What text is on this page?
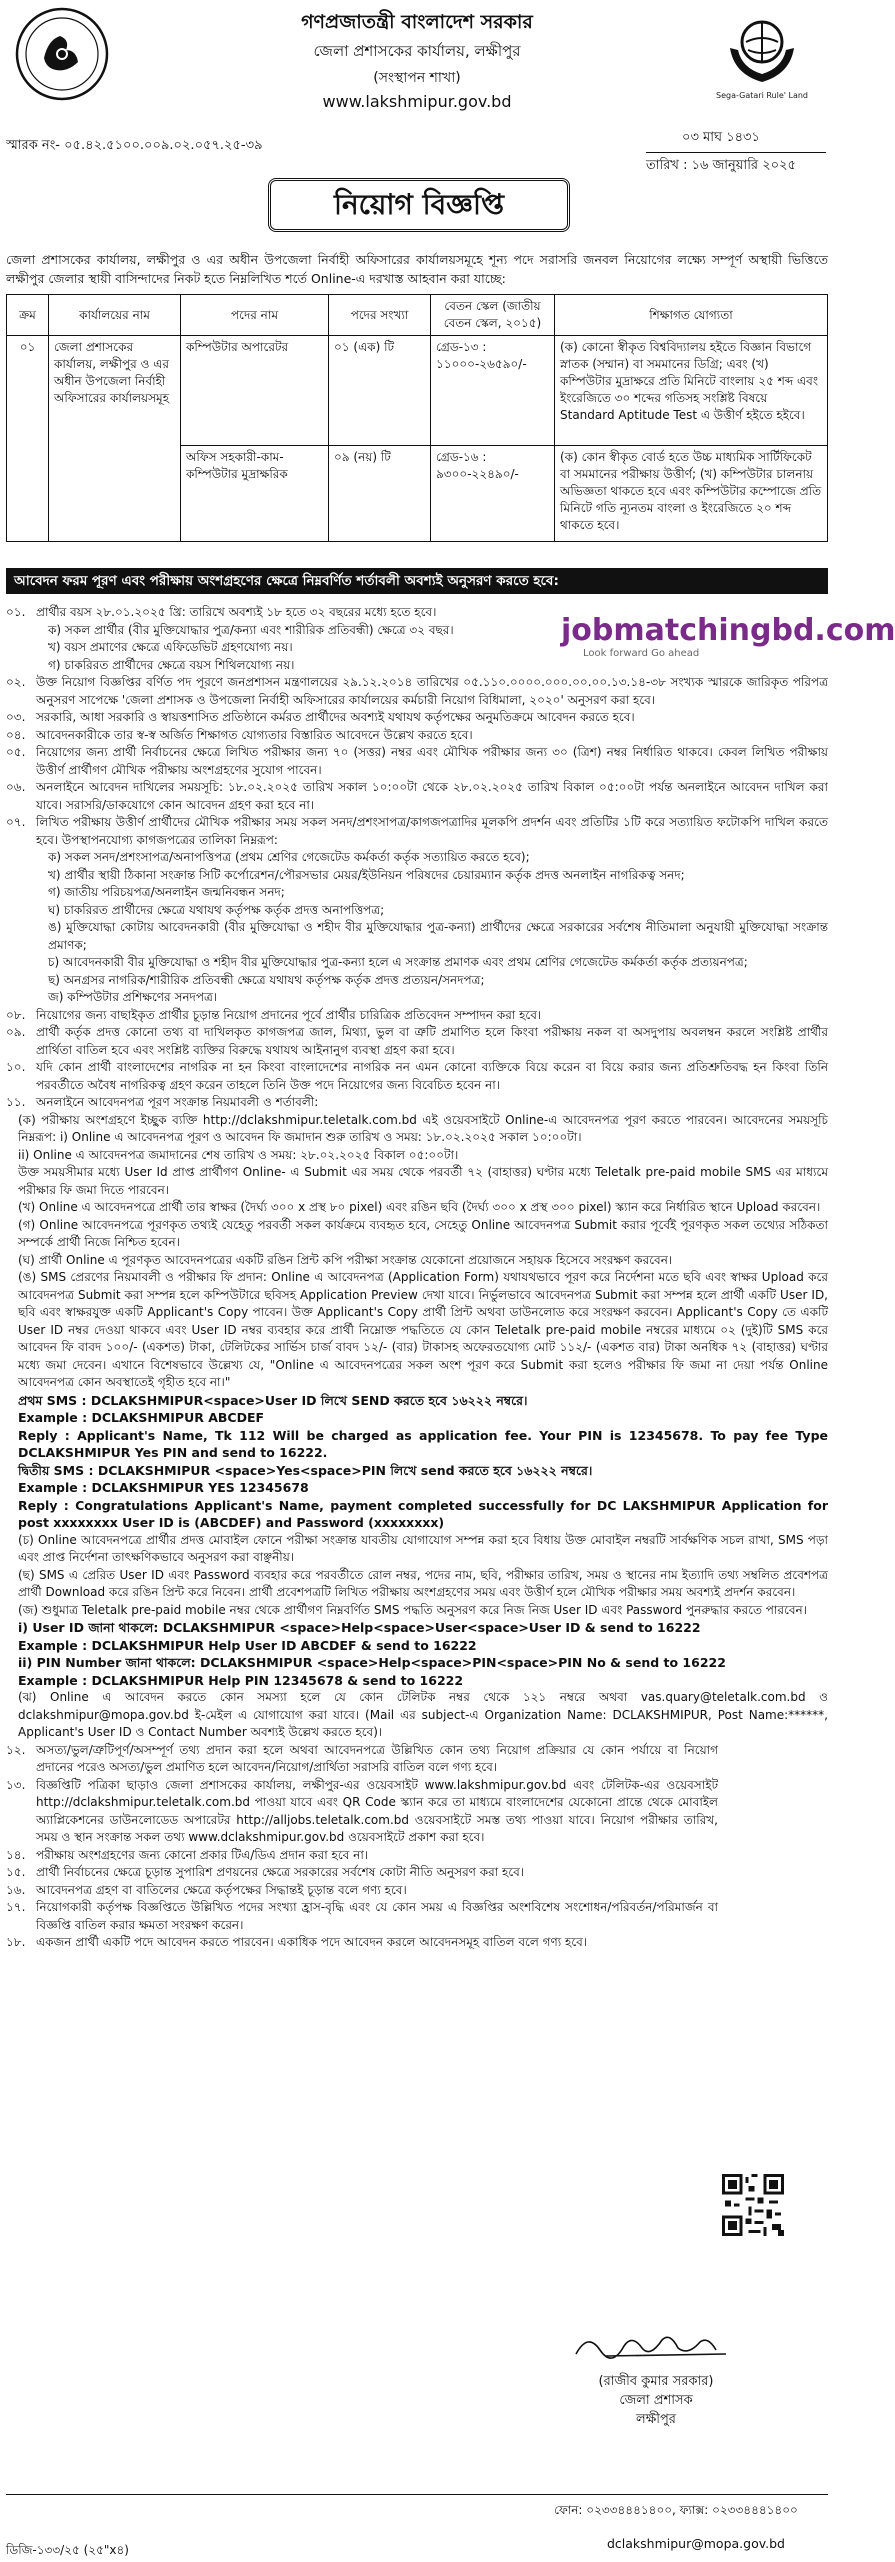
Sega-Gatari Rule' Land
গণপ্রজাতন্ত্রী বাংলাদেশ সরকার
জেলা প্রশাসকের কার্যালয়, লক্ষীপুর
(সংস্থাপন শাখা)
www.lakshmipur.gov.bd
স্মারক নং- ০৫.৪২.৫১০০.০০৯.০২.০৫৭.২৫-৩৯
০৩ মাঘ ১৪৩১
তারিখ : ১৬ জানুয়ারি ২০২৫
নিয়োগ বিজ্ঞপ্তি
জেলা প্রশাসকের কার্যালয়, লক্ষীপুর ও এর অধীন উপজেলা নির্বাহী অফিসারের কার্যালয়সমূহে শূন্য পদে সরাসরি জনবল নিয়োগের লক্ষ্যে সম্পূর্ণ অস্থায়ী ভিত্তিতে লক্ষীপুর জেলার স্থায়ী বাসিন্দাদের নিকট হতে নিম্নলিখিত শর্তে Online-এ দরখাস্ত আহবান করা যাচ্ছে:
ক্রম	কার্যালয়ের নাম	পদের নাম	পদের সংখ্যা	বেতন স্কেল (জাতীয় বেতন স্কেল, ২০১৫)	শিক্ষাগত যোগ্যতা
০১	জেলা প্রশাসকের কার্যালয়, লক্ষীপুর ও এর অধীন উপজেলা নির্বাহী অফিসারের কার্যালয়সমূহ	কম্পিউটার অপারেটর	০১ (এক) টি	গ্রেড-১৩ : ১১০০০-২৬৫৯০/-	(ক) কোনো স্বীকৃত বিশ্ববিদ্যালয় হইতে বিজ্ঞান বিভাগে স্নাতক (সম্মান) বা সমমানের ডিগ্রি; এবং (খ) কম্পিউটার মুদ্রাক্ষরে প্রতি মিনিটে বাংলায় ২৫ শব্দ এবং ইংরেজিতে ৩০ শব্দের গতিসহ সংশ্লিষ্ট বিষয়ে Standard Aptitude Test এ উত্তীর্ণ হইতে হইবে।
		অফিস সহকারী-কাম-কম্পিউটার মুদ্রাক্ষরিক	০৯ (নয়) টি	গ্রেড-১৬ : ৯৩০০-২২৪৯০/-	(ক) কোন স্বীকৃত বোর্ড হতে উচ্চ মাধ্যমিক সার্টিফিকেট বা সমমানের পরীক্ষায় উত্তীর্ণ; (খ) কম্পিউটার চালনায় অভিজ্ঞতা থাকতে হবে এবং কম্পিউটার কম্পোজে প্রতি মিনিটে গতি ন্যূনতম বাংলা ও ইংরেজিতে ২০ শব্দ থাকতে হবে।
আবেদন ফরম পূরণ এবং পরীক্ষায় অংশগ্রহণের ক্ষেত্রে নিম্নবর্ণিত শর্তাবলী অবশ্যই অনুসরণ করতে হবে:
jobmatchingbd.com
Look forward Go ahead
০১. প্রার্থীর বয়স ২৮.০১.২০২৫ খ্রি: তারিখে অবশ্যই ১৮ হতে ৩২ বছরের মধ্যে হতে হবে।
ক) সকল প্রার্থীর (বীর মুক্তিযোদ্ধার পুত্র/কন্যা এবং শারীরিক প্রতিবন্ধী) ক্ষেত্রে ৩২ বছর।
খ) বয়স প্রমাণের ক্ষেত্রে এফিডেভিট গ্রহণযোগ্য নয়।
গ) চাকরিরত প্রার্থীদের ক্ষেত্রে বয়স শিথিলযোগ্য নয়।
০২. উক্ত নিয়োগ বিজ্ঞপ্তির বর্ণিত পদ পূরণে জনপ্রশাসন মন্ত্রণালয়ের ২৯.১২.২০১৪ তারিখের ০৫.১১০.০০০০.০০০.০০.০০.১৩.১৪-৩৮ সংখ্যক স্মারকে জারিকৃত পরিপত্র অনুসরণ সাপেক্ষে 'জেলা প্রশাসক ও উপজেলা নির্বাহী অফিসারের কার্যালয়ের কর্মচারী নিয়োগ বিধিমালা, ২০২০' অনুসরণ করা হবে।
০৩. সরকারি, আধা সরকারি ও স্বায়ত্তশাসিত প্রতিষ্ঠানে কর্মরত প্রার্থীদের অবশ্যই যথাযথ কর্তৃপক্ষের অনুমতিক্রমে আবেদন করতে হবে।
০৪. আবেদনকারীকে তার স্ব-স্ব অর্জিত শিক্ষাগত যোগ্যতার বিস্তারিত আবেদনে উল্লেখ করতে হবে।
০৫. নিয়োগের জন্য প্রার্থী নির্বাচনের ক্ষেত্রে লিখিত পরীক্ষার জন্য ৭০ (সত্তর) নম্বর এবং মৌখিক পরীক্ষার জন্য ৩০ (ত্রিশ) নম্বর নির্ধারিত থাকবে। কেবল লিখিত পরীক্ষায় উত্তীর্ণ প্রার্থীগণ মৌখিক পরীক্ষায় অংশগ্রহণের সুযোগ পাবেন।
০৬. অনলাইনে আবেদন দাখিলের সময়সূচি: ১৮.০২.২০২৫ তারিখ সকাল ১০:০০টা থেকে ২৮.০২.২০২৫ তারিখ বিকাল ০৫:০০টা পর্যন্ত অনলাইনে আবেদন দাখিল করা যাবে। সরাসরি/ডাকযোগে কোন আবেদন গ্রহণ করা হবে না।
০৭. লিখিত পরীক্ষায় উত্তীর্ণ প্রার্থীদের মৌখিক পরীক্ষার সময় সকল সনদ/প্রশংসাপত্র/কাগজপত্রাদির মূলকপি প্রদর্শন এবং প্রতিটির ১টি করে সত্যায়িত ফটোকপি দাখিল করতে হবে। উপস্থাপনযোগ্য কাগজপত্রের তালিকা নিম্নরূপ:
ক) সকল সনদ/প্রশংসাপত্র/অনাপত্তিপত্র (প্রথম শ্রেণির গেজেটেড কর্মকর্তা কর্তৃক সত্যায়িত করতে হবে);
খ) প্রার্থীর স্থায়ী ঠিকানা সংক্রান্ত সিটি কর্পোরেশন/পৌরসভার মেয়র/ইউনিয়ন পরিষদের চেয়ারম্যান কর্তৃক প্রদত্ত অনলাইন নাগরিকত্ব সনদ;
গ) জাতীয় পরিচয়পত্র/অনলাইন জন্মনিবন্ধন সনদ;
ঘ) চাকরিরত প্রার্থীদের ক্ষেত্রে যথাযথ কর্তৃপক্ষ কর্তৃক প্রদত্ত অনাপত্তিপত্র;
ঙ) মুক্তিযোদ্ধা কোটায় আবেদনকারী (বীর মুক্তিযোদ্ধা ও শহীদ বীর মুক্তিযোদ্ধার পুত্র-কন্যা) প্রার্থীদের ক্ষেত্রে সরকারের সর্বশেষ নীতিমালা অনুযায়ী মুক্তিযোদ্ধা সংক্রান্ত প্রমাণক;
চ) আবেদনকারী বীর মুক্তিযোদ্ধা ও শহীদ বীর মুক্তিযোদ্ধার পুত্র-কন্যা হলে এ সংক্রান্ত প্রমাণক এবং প্রথম শ্রেণির গেজেটেড কর্মকর্তা কর্তৃক প্রত্যয়নপত্র;
ছ) অনগ্রসর নাগরিক/শারীরিক প্রতিবন্ধী ক্ষেত্রে যথাযথ কর্তৃপক্ষ কর্তৃক প্রদত্ত প্রত্যয়ন/সনদপত্র;
জ) কম্পিউটার প্রশিক্ষণের সনদপত্র।
০৮. নিয়োগের জন্য বাছাইকৃত প্রার্থীর চূড়ান্ত নিয়োগ প্রদানের পূর্বে প্রার্থীর চারিত্রিক প্রতিবেদন সম্পাদন করা হবে।
০৯. প্রার্থী কর্তৃক প্রদত্ত কোনো তথ্য বা দাখিলকৃত কাগজপত্র জাল, মিথ্যা, ভুল বা ত্রুটি প্রমাণিত হলে কিংবা পরীক্ষায় নকল বা অসদুপায় অবলম্বন করলে সংশ্লিষ্ট প্রার্থীর প্রার্থিতা বাতিল হবে এবং সংশ্লিষ্ট ব্যক্তির বিরুদ্ধে যথাযথ আইনানুগ ব্যবস্থা গ্রহণ করা হবে।
১০. যদি কোন প্রার্থী বাংলাদেশের নাগরিক না হন কিংবা বাংলাদেশের নাগরিক নন এমন কোনো ব্যক্তিকে বিয়ে করেন বা বিয়ে করার জন্য প্রতিশ্রুতিবদ্ধ হন কিংবা তিনি পরবর্তীতে অবৈধ নাগরিকত্ব গ্রহণ করেন তাহলে তিনি উক্ত পদে নিয়োগের জন্য বিবেচিত হবেন না।
১১. অনলাইনে আবেদনপত্র পূরণ সংক্রান্ত নিয়মাবলী ও শর্তাবলী:

(ক) পরীক্ষায় অংশগ্রহণে ইচ্ছুক ব্যক্তি http://dclakshmipur.teletalk.com.bd এই ওয়েবসাইটে Online-এ আবেদনপত্র পূরণ করতে পারবেন। আবেদনের সময়সূচি নিম্নরূপ: i) Online এ আবেদনপত্র পূরণ ও আবেদন ফি জমাদান শুরু তারিখ ও সময়: ১৮.০২.২০২৫ সকাল ১০:০০টা।

ii) Online এ আবেদনপত্র জমাদানের শেষ তারিখ ও সময়: ২৮.০২.২০২৫ বিকাল ০৫:০০টা।

উক্ত সময়সীমার মধ্যে User Id প্রাপ্ত প্রার্থীগণ Online- এ Submit এর সময় থেকে পরবর্তী ৭২ (বাহাত্তর) ঘণ্টার মধ্যে Teletalk pre-paid mobile SMS এর মাধ্যমে পরীক্ষার ফি জমা দিতে পারবেন।

(খ) Online এ আবেদনপত্রে প্রার্থী তার স্বাক্ষর (দৈর্ঘ্য ৩০০ x প্রস্থ ৮০ pixel) এবং রঙিন ছবি (দৈর্ঘ্য ৩০০ x প্রস্থ ৩০০ pixel) স্ক্যান করে নির্ধারিত স্থানে Upload করবেন।

(গ) Online আবেদনপত্রে পূরণকৃত তথ্যই যেহেতু পরবর্তী সকল কার্যক্রমে ব্যবহৃত হবে, সেহেতু Online আবেদনপত্র Submit করার পূর্বেই পূরণকৃত সকল তথ্যের সঠিকতা সম্পর্কে প্রার্থী নিজে নিশ্চিত হবেন।

(ঘ) প্রার্থী Online এ পূরণকৃত আবেদনপত্রের একটি রঙিন প্রিন্ট কপি পরীক্ষা সংক্রান্ত যেকোনো প্রয়োজনে সহায়ক হিসেবে সংরক্ষণ করবেন।

(ঙ) SMS প্রেরণের নিয়মাবলী ও পরীক্ষার ফি প্রদান: Online এ আবেদনপত্র (Application Form) যথাযথভাবে পূরণ করে নির্দেশনা মতে ছবি এবং স্বাক্ষর Upload করে আবেদনপত্র Submit করা সম্পন্ন হলে কম্পিউটারে ছবিসহ Application Preview দেখা যাবে। নির্ভুলভাবে আবেদনপত্র Submit করা সম্পন্ন হলে প্রার্থী একটি User ID, ছবি এবং স্বাক্ষরযুক্ত একটি Applicant's Copy পাবেন। উক্ত Applicant's Copy প্রার্থী প্রিন্ট অথবা ডাউনলোড করে সংরক্ষণ করবেন। Applicant's Copy তে একটি User ID নম্বর দেওয়া থাকবে এবং User ID নম্বর ব্যবহার করে প্রার্থী নিম্নোক্ত পদ্ধতিতে যে কোন Teletalk pre-paid mobile নম্বরের মাধ্যমে ০২ (দুই)টি SMS করে আবেদন ফি বাবদ ১০০/- (একশত) টাকা, টেলিটকের সার্ভিস চার্জ বাবদ ১২/- (বার) টাকাসহ অফেরতযোগ্য মোট ১১২/- (একশত বার) টাকা অনধিক ৭২ (বাহাত্তর) ঘণ্টার মধ্যে জমা দেবেন। এখানে বিশেষভাবে উল্লেখ্য যে, "Online এ আবেদনপত্রের সকল অংশ পূরণ করে Submit করা হলেও পরীক্ষার ফি জমা না দেয়া পর্যন্ত Online আবেদনপত্র কোন অবস্থাতেই গৃহীত হবে না।"

প্রথম SMS : DCLAKSHMIPUR<space>User ID লিখে SEND করতে হবে ১৬২২২ নম্বরে।

Example : DCLAKSHMIPUR ABCDEF

Reply : Applicant's Name, Tk 112 Will be charged as application fee. Your PIN is 12345678. To pay fee Type DCLAKSHMIPUR Yes PIN and send to 16222.

দ্বিতীয় SMS : DCLAKSHMIPUR <space>Yes<space>PIN লিখে send করতে হবে ১৬২২২ নম্বরে।

Example : DCLAKSHMIPUR YES 12345678

Reply : Congratulations Applicant's Name, payment completed successfully for DC LAKSHMIPUR Application for post xxxxxxxx User ID is (ABCDEF) and Password (xxxxxxxx)

(চ) Online আবেদনপত্রে প্রার্থীর প্রদত্ত মোবাইল ফোনে পরীক্ষা সংক্রান্ত যাবতীয় যোগাযোগ সম্পন্ন করা হবে বিধায় উক্ত মোবাইল নম্বরটি সার্বক্ষণিক সচল রাখা, SMS পড়া এবং প্রাপ্ত নির্দেশনা তাৎক্ষণিকভাবে অনুসরণ করা বাঞ্ছনীয়।

(ছ) SMS এ প্রেরিত User ID এবং Password ব্যবহার করে পরবর্তীতে রোল নম্বর, পদের নাম, ছবি, পরীক্ষার তারিখ, সময় ও স্থানের নাম ইত্যাদি তথ্য সম্বলিত প্রবেশপত্র প্রার্থী Download করে রঙিন প্রিন্ট করে নিবেন। প্রার্থী প্রবেশপত্রটি লিখিত পরীক্ষায় অংশগ্রহণের সময় এবং উত্তীর্ণ হলে মৌখিক পরীক্ষার সময় অবশ্যই প্রদর্শন করবেন।

(জ) শুধুমাত্র Teletalk pre-paid mobile নম্বর থেকে প্রার্থীগণ নিম্নবর্ণিত SMS পদ্ধতি অনুসরণ করে নিজ নিজ User ID এবং Password পুনরুদ্ধার করতে পারবেন।

i) User ID জানা থাকলে: DCLAKSHMIPUR <space>Help<space>User<space>User ID & send to 16222

Example : DCLAKSHMIPUR Help User ID ABCDEF & send to 16222

ii) PIN Number জানা থাকলে: DCLAKSHMIPUR <space>Help<space>PIN<space>PIN No & send to 16222

Example : DCLAKSHMIPUR Help PIN 12345678 & send to 16222

(ঝ) Online এ আবেদন করতে কোন সমস্যা হলে যে কোন টেলিটক নম্বর থেকে ১২১ নম্বরে অথবা vas.quary@teletalk.com.bd ও dclakshmipur@mopa.gov.bd ই-মেইল এ যোগাযোগ করা যাবে। (Mail এর subject-এ Organization Name: DCLAKSHMIPUR, Post Name:******, Applicant's User ID ও Contact Number অবশ্যই উল্লেখ করতে হবে)।

১২. অসত্য/ভুল/ত্রুটিপূর্ণ/অসম্পূর্ণ তথ্য প্রদান করা হলে অথবা আবেদনপত্রে উল্লিখিত কোন তথ্য নিয়োগ প্রক্রিয়ার যে কোন পর্যায়ে বা নিয়োগ প্রদানের পরেও অসত্য/ভুল প্রমাণিত হলে আবেদন/নিয়োগ/প্রার্থিতা সরাসরি বাতিল বলে গণ্য হবে।
১৩. বিজ্ঞপ্তিটি পত্রিকা ছাড়াও জেলা প্রশাসকের কার্যালয়, লক্ষীপুর-এর ওয়েবসাইট www.lakshmipur.gov.bd এবং টেলিটক-এর ওয়েবসাইট http://dclakshmipur.teletalk.com.bd পাওয়া যাবে এবং QR Code স্ক্যান করে তা মাধ্যমে বাংলাদেশের যেকোনো প্রান্তে থেকে মোবাইল অ্যাপ্লিকেশনের ডাউনলোডেড অপারেটর http://alljobs.teletalk.com.bd ওয়েবসাইটে সমস্ত তথ্য পাওয়া যাবে। নিয়োগ পরীক্ষার তারিখ, সময় ও স্থান সংক্রান্ত সকল তথ্য www.dclakshmipur.gov.bd ওয়েবসাইটে প্রকাশ করা হবে।
১৪. পরীক্ষায় অংশগ্রহণের জন্য কোনো প্রকার টিএ/ডিএ প্রদান করা হবে না।
১৫. প্রার্থী নির্বাচনের ক্ষেত্রে চূড়ান্ত সুপারিশ প্রণয়নের ক্ষেত্রে সরকারের সর্বশেষ কোটা নীতি অনুসরণ করা হবে।
১৬. আবেদনপত্র গ্রহণ বা বাতিলের ক্ষেত্রে কর্তৃপক্ষের সিদ্ধান্তই চূড়ান্ত বলে গণ্য হবে।
১৭. নিয়োগকারী কর্তৃপক্ষ বিজ্ঞপ্তিতে উল্লিখিত পদের সংখ্যা হ্রাস-বৃদ্ধি এবং যে কোন সময় এ বিজ্ঞপ্তির অংশবিশেষ সংশোধন/পরিবর্তন/পরিমার্জন বা বিজ্ঞপ্তি বাতিল করার ক্ষমতা সংরক্ষণ করেন।
১৮. একজন প্রার্থী একটি পদে আবেদন করতে পারবেন। একাধিক পদে আবেদন করলে আবেদনসমূহ বাতিল বলে গণ্য হবে।
(রাজীব কুমার সরকার)
জেলা প্রশাসক
লক্ষীপুর
ফোন: ০২৩৩৪৪৪১৪০০, ফ্যাক্স: ০২৩৩৪৪৪১৪০০
dclakshmipur@mopa.gov.bd
ডিজি-১৩৩/২৫ (২৫"x৪)
